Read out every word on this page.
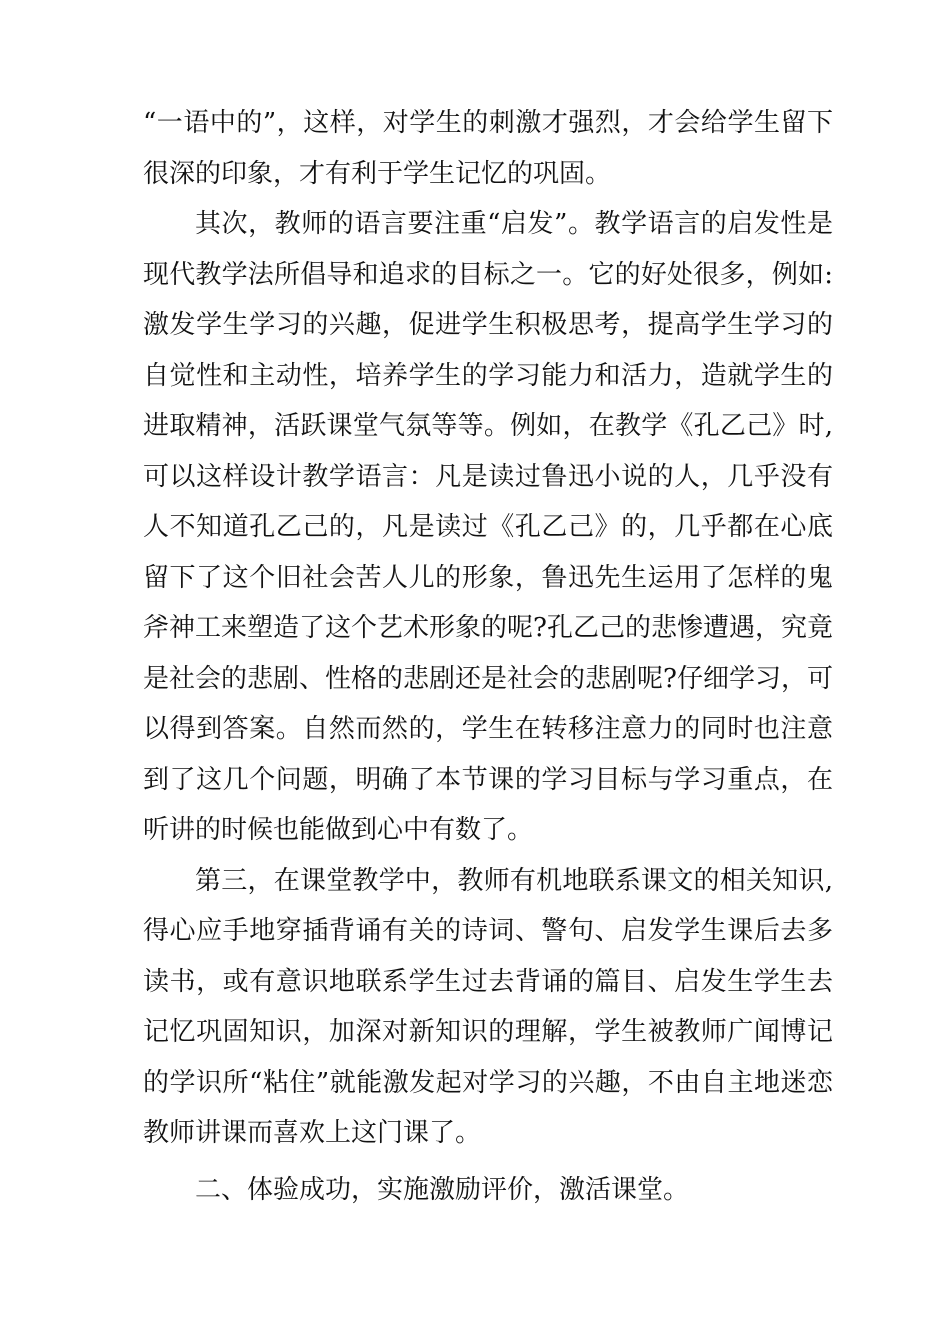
“一语中的”，这样，对学生的刺激才强烈，才会给学生留下很深的印象，才有利于学生记忆的巩固。

其次，教师的语言要注重“启发”。教学语言的启发性是现代教学法所倡导和追求的目标之一。它的好处很多，例如:激发学生学习的兴趣，促进学生积极思考，提高学生学习的自觉性和主动性，培养学生的学习能力和活力，造就学生的进取精神，活跃课堂气氛等等。例如，在教学《孔乙己》时,可以这样设计教学语言：凡是读过鲁迅小说的人，几乎没有人不知道孔乙己的，凡是读过《孔乙己》的，几乎都在心底留下了这个旧社会苦人儿的形象，鲁迅先生运用了怎样的鬼斧神工来塑造了这个艺术形象的呢?孔乙己的悲惨遭遇，究竟是社会的悲剧、性格的悲剧还是社会的悲剧呢?仔细学习，可以得到答案。自然而然的，学生在转移注意力的同时也注意到了这几个问题，明确了本节课的学习目标与学习重点，在听讲的时候也能做到心中有数了。

第三，在课堂教学中，教师有机地联系课文的相关知识,得心应手地穿插背诵有关的诗词、警句、启发学生课后去多读书，或有意识地联系学生过去背诵的篇目、启发生学生去记忆巩固知识，加深对新知识的理解，学生被教师广闻博记的学识所“粘住”就能激发起对学习的兴趣，不由自主地迷恋教师讲课而喜欢上这门课了。

二、体验成功，实施激励评价，激活课堂。
